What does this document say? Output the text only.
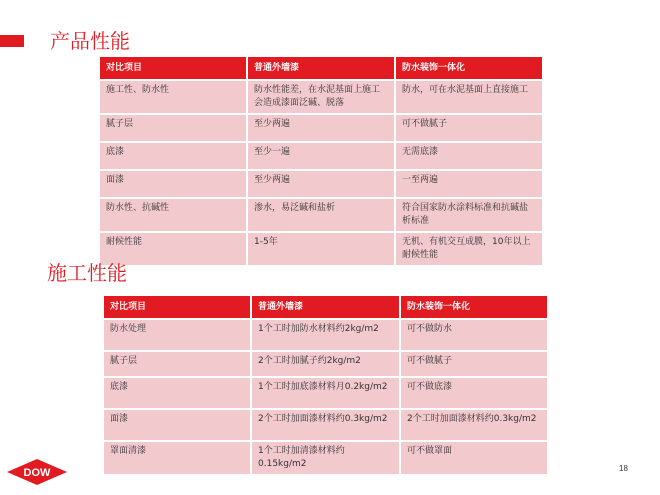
产品性能
对比项目	普通外墙漆	防水装饰一体化
施工性、防水性	防水性能差，在水泥基面上施工会造成漆面泛碱、脱落	防水，可在水泥基面上直接施工
腻子层	至少两遍	可不做腻子
底漆	至少一遍	无需底漆
面漆	至少两遍	一至两遍
防水性、抗碱性	渗水，易泛碱和盐析	符合国家防水涂料标准和抗碱盐析标准
耐候性能	1-5年	无机、有机交互成膜，10年以上耐候性能
施工性能
对比项目	普通外墙漆	防水装饰一体化
防水处理	1个工时加防水材料约2kg/m2	可不做防水
腻子层	2个工时加腻子约2kg/m2	可不做腻子
底漆	1个工时加底漆材料月0.2kg/m2	可不做底漆
面漆	2个工时加面漆材料约0.3kg/m2	2个工时加面漆材料约0.3kg/m2
罩面清漆	1个工时加清漆材料约0.15kg/m2	可不做罩面
DOW	18
